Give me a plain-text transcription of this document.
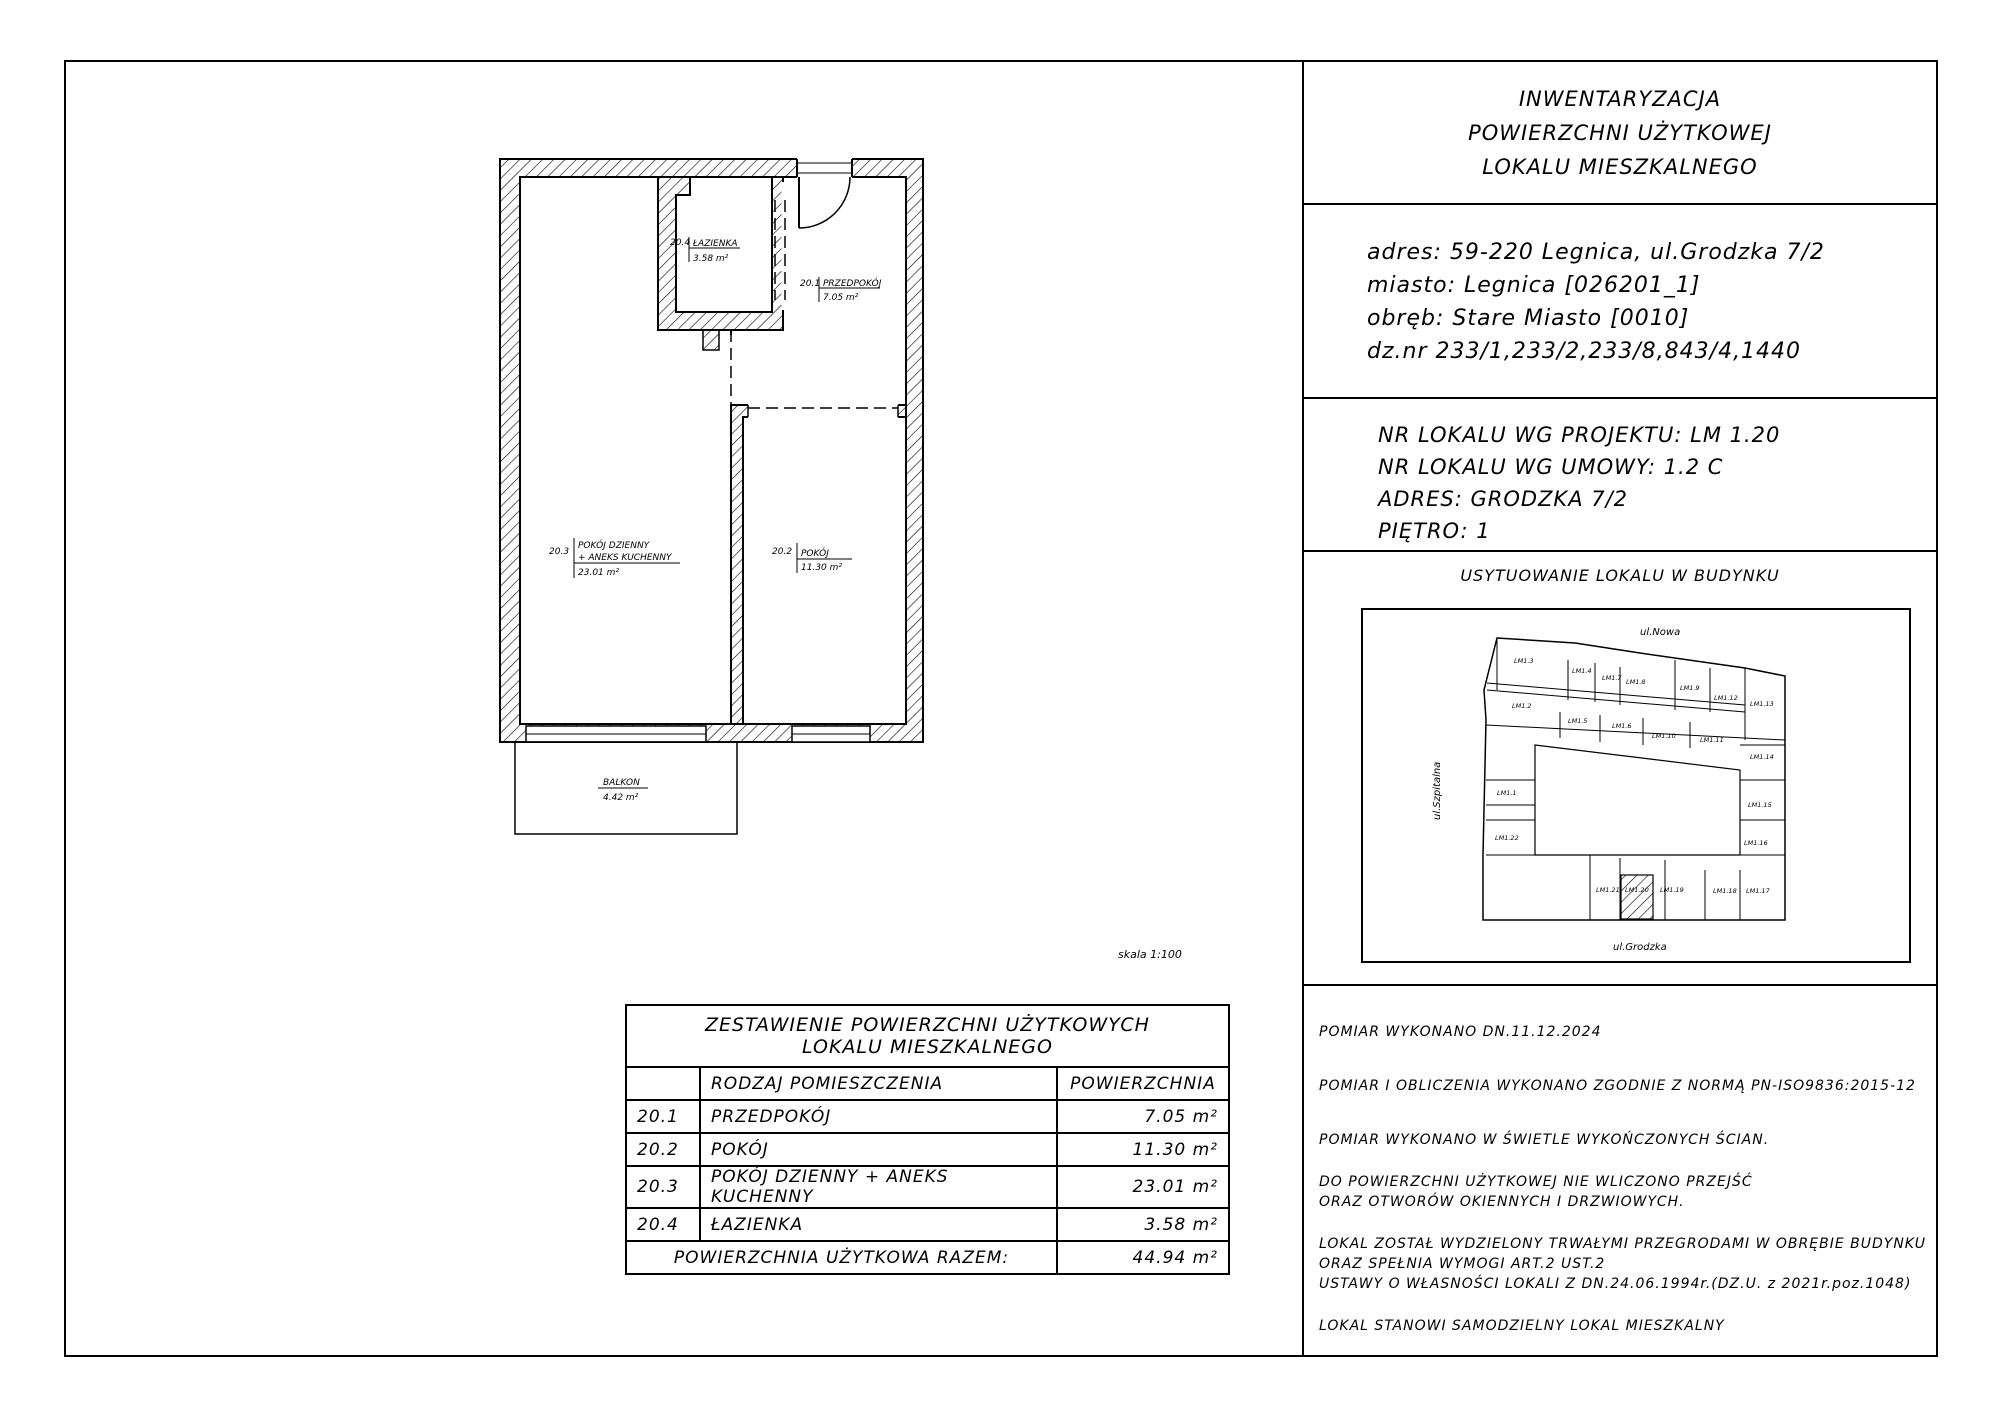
20.4 ŁAZIENKA
3.58 m²
20.1 PRZEDPOKÓJ
7.05 m²
20.3
POKÓJ DZIENNY
+ ANEKS KUCHENNY
23.01 m²
20.2 POKÓJ
11.30 m²
BALKON
4.42 m²
skala 1:100
ul.Nowa
ul.Grodzka
ul.Szpitalna
LM1.3
LM1.4
LM1.7 LM1.8
LM1.9
LM1.12
LM1.13
LM1.2
LM1.5
LM1.6
LM1.10	LM1.11
LM1.14
LM1.1
LM1.15
LM1.22
LM1.16
LM1.21 LM1.20 LM1.19	LM1.18 LM1.17
INWENTARYZACJA
POWIERZCHNI UŻYTKOWEJ
LOKALU MIESZKALNEGO
adres: 59-220 Legnica, ul.Grodzka 7/2
miasto: Legnica [026201_1]
obręb: Stare Miasto [0010]
dz.nr 233/1,233/2,233/8,843/4,1440
NR LOKALU WG PROJEKTU: LM 1.20
NR LOKALU WG UMOWY: 1.2 C
ADRES: GRODZKA 7/2
PIĘTRO: 1
USYTUOWANIE LOKALU W BUDYNKU
POMIAR WYKONANO DN.11.12.2024
POMIAR I OBLICZENIA WYKONANO ZGODNIE Z NORMĄ PN-ISO9836:2015-12
POMIAR WYKONANO W ŚWIETLE WYKOŃCZONYCH ŚCIAN.
DO POWIERZCHNI UŻYTKOWEJ NIE WLICZONO PRZEJŚĆ
ORAZ OTWORÓW OKIENNYCH I DRZWIOWYCH.
LOKAL ZOSTAŁ WYDZIELONY TRWAŁYMI PRZEGRODAMI W OBRĘBIE BUDYNKU
ORAZ SPEŁNIA WYMOGI ART.2 UST.2
USTAWY O WŁASNOŚCI LOKALI Z DN.24.06.1994r.(DZ.U. z 2021r.poz.1048)
LOKAL STANOWI SAMODZIELNY LOKAL MIESZKALNY
ZESTAWIENIE POWIERZCHNI UŻYTKOWYCH
LOKALU MIESZKALNEGO		

	RODZAJ POMIESZCZENIA	POWIERZCHNIA
20.1	PRZEDPOKÓJ	7.05 m²
20.2	POKÓJ	11.30 m²
20.3	POKÓJ DZIENNY + ANEKS KUCHENNY	23.01 m²
20.4	ŁAZIENKA	3.58 m²
POWIERZCHNIA UŻYTKOWA RAZEM:		44.94 m²
